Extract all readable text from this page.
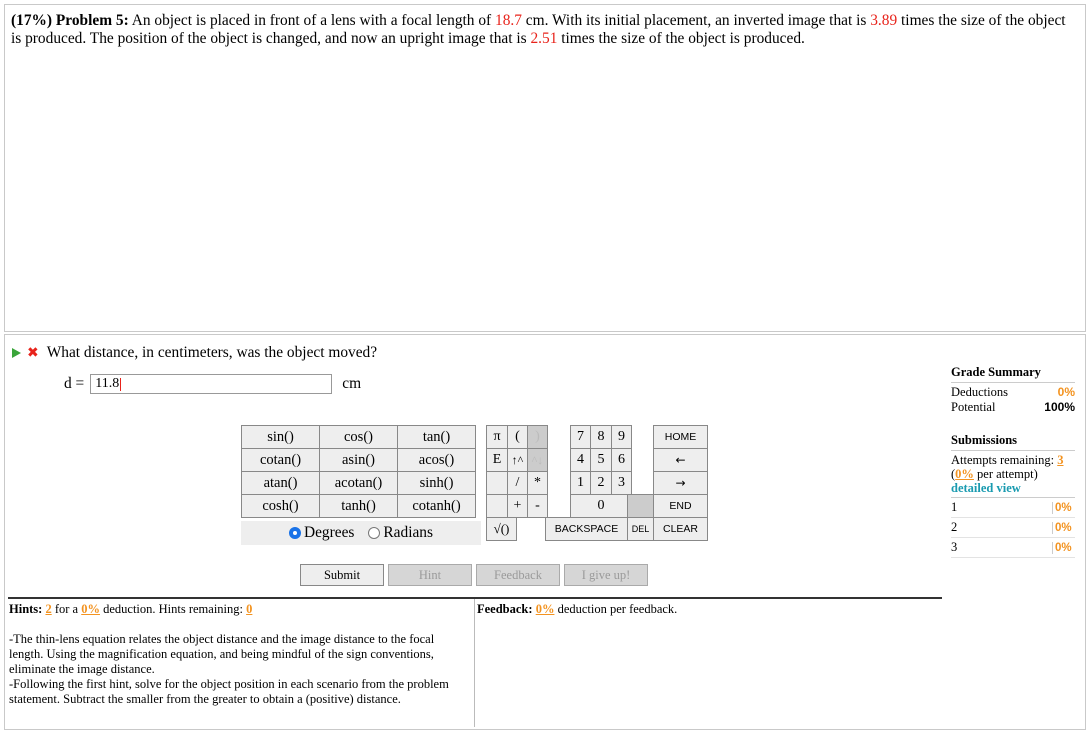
(17%) Problem 5: An object is placed in front of a lens with a focal length of 18.7 cm. With its initial placement, an inverted image that is 3.89 times the size of the object is produced. The position of the object is changed, and now an upright image that is 2.51 times the size of the object is produced.
✖ What distance, in centimeters, was the object moved?
d = 11.8	cm
sin()	cos()	tan()
cotan()	asin()	acos()
atan()	acotan()	sinh()
cosh()	tanh()	cotanh()
Degrees	Radians
π	(	)
E ↑^ ^↓
/	*
+ -
√()
7 8 9
4 5 6
1 2 3
0	.
HOME
←
→
END
BACKSPACE	DEL	CLEAR
Submit	Hint	Feedback	I give up!
Hints: 2 for a 0% deduction. Hints remaining: 0
-The thin-lens equation relates the object distance and the image distance to the focal length. Using the magnification equation, and being mindful of the sign conventions, eliminate the image distance.
-Following the first hint, solve for the object position in each scenario from the problem statement. Subtract the smaller from the greater to obtain a (positive) distance.
Feedback: 0% deduction per feedback.
Grade Summary
Deductions	0%
Potential	100%
Submissions
Attempts remaining: 3
(0% per attempt)
detailed view
1	0%
2	0%
3	0%
